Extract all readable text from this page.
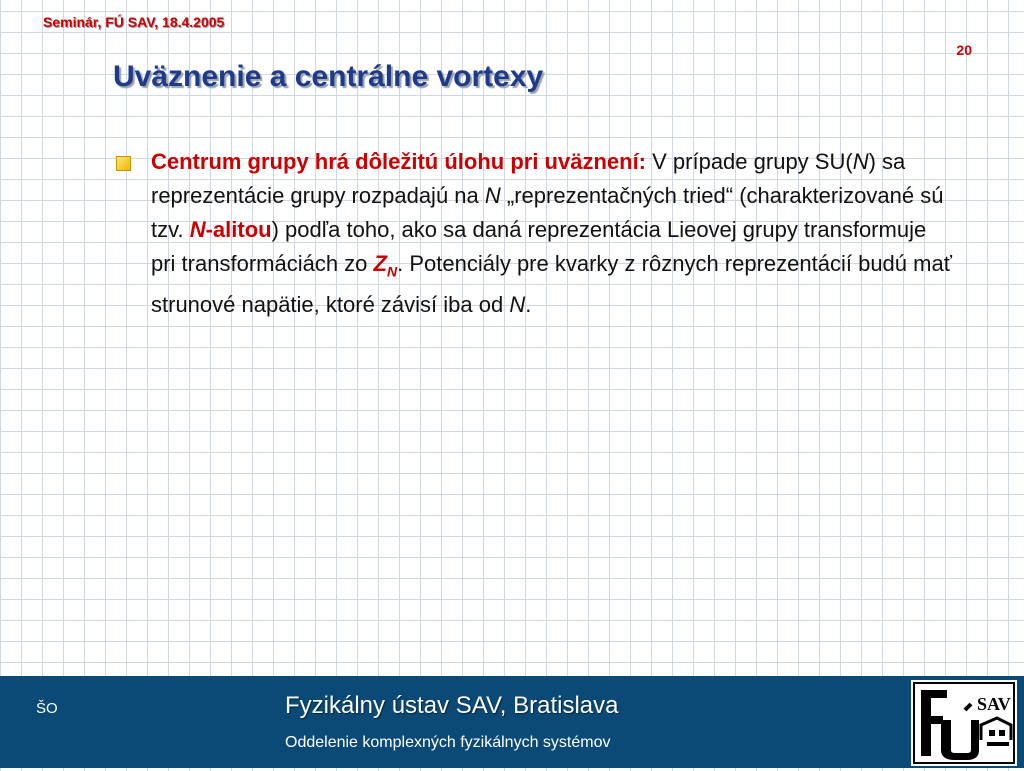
Seminár, FÚ SAV, 18.4.2005
20
Uväznenie a centrálne vortexy
Centrum grupy hrá dôležitú úlohu pri uväznení: V prípade grupy SU(N) sa reprezentácie grupy rozpadajú na N „reprezentačných tried“ (charakterizované sú tzv. N-alitou) podľa toho, ako sa daná reprezentácia Lieovej grupy transformuje pri transformáciách zo $Z_N$. Potenciály pre kvarky z rôznych reprezentácií budú mať strunové napätie, ktoré závisí iba od N.
ŠO	Fyzikálny ústav SAV, Bratislava
Oddelenie komplexných fyzikálnych systémov
SAV
